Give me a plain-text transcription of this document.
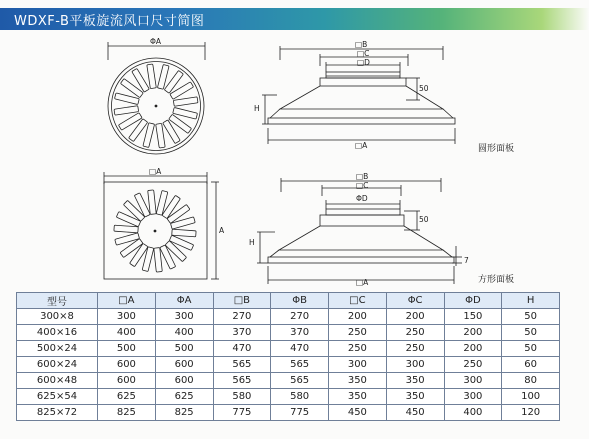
WDXF-B平板旋流风口尺寸简图
ΦA	□B
□C
□D
50
H
□A	圆形面板
□A
A
□B
□C
ΦD
50
H
7
□A	方形面板
型号	□A	ΦA	□B	ΦB	□C	ΦC	ΦD	H
300×8	300	300	270	270	200	200	150	50
400×16	400	400	370	370	250	250	200	50
500×24	500	500	470	470	250	250	200	50
600×24	600	600	565	565	300	300	250	60
600×48	600	600	565	565	350	350	300	80
625×54	625	625	580	580	350	350	300	100
825×72	825	825	775	775	450	450	400	120
